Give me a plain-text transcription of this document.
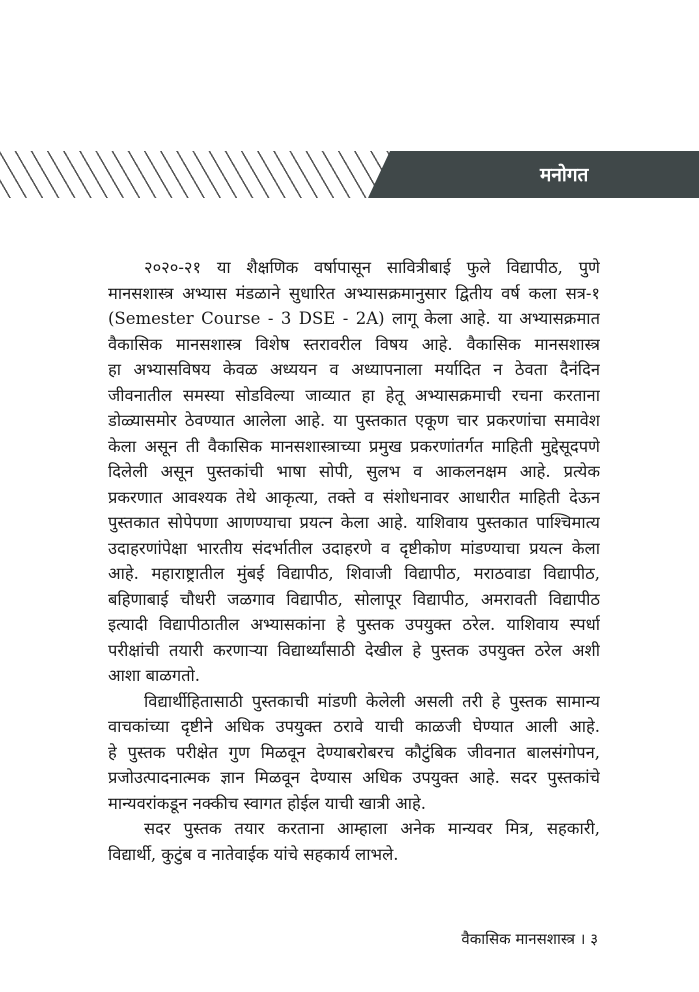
मनोगत
२०२०-२१ या शैक्षणिक वर्षापासून सावित्रीबाई फुले विद्यापीठ, पुणे
मानसशास्त्र अभ्यास मंडळाने सुधारित अभ्यासक्रमानुसार द्वितीय वर्ष कला सत्र-१
(Semester Course - 3 DSE - 2A) लागू केला आहे. या अभ्यासक्रमात
वैकासिक मानसशास्त्र विशेष स्तरावरील विषय आहे. वैकासिक मानसशास्त्र
हा अभ्यासविषय केवळ अध्ययन व अध्यापनाला मर्यादित न ठेवता दैनंदिन
जीवनातील समस्या सोडविल्या जाव्यात हा हेतू अभ्यासक्रमाची रचना करताना
डोळ्यासमोर ठेवण्यात आलेला आहे. या पुस्तकात एकूण चार प्रकरणांचा समावेश
केला असून ती वैकासिक मानसशास्त्राच्या प्रमुख प्रकरणांतर्गत माहिती मुद्देसूदपणे
दिलेली असून पुस्तकांची भाषा सोपी, सुलभ व आकलनक्षम आहे. प्रत्येक
प्रकरणात आवश्यक तेथे आकृत्या, तक्ते व संशोधनावर आधारीत माहिती देऊन
पुस्तकात सोपेपणा आणण्याचा प्रयत्न केला आहे. याशिवाय पुस्तकात पाश्चिमात्य
उदाहरणांपेक्षा भारतीय संदर्भातील उदाहरणे व दृष्टीकोण मांडण्याचा प्रयत्न केला
आहे. महाराष्ट्रातील मुंबई विद्यापीठ, शिवाजी विद्यापीठ, मराठवाडा विद्यापीठ,
बहिणाबाई चौधरी जळगाव विद्यापीठ, सोलापूर विद्यापीठ, अमरावती विद्यापीठ
इत्यादी विद्यापीठातील अभ्यासकांना हे पुस्तक उपयुक्त ठरेल. याशिवाय स्पर्धा
परीक्षांची तयारी करणाऱ्या विद्यार्थ्यांसाठी देखील हे पुस्तक उपयुक्त ठरेल अशी
आशा बाळगतो.
विद्यार्थीहितासाठी पुस्तकाची मांडणी केलेली असली तरी हे पुस्तक सामान्य
वाचकांच्या दृष्टीने अधिक उपयुक्त ठरावे याची काळजी घेण्यात आली आहे.
हे पुस्तक परीक्षेत गुण मिळवून देण्याबरोबरच कौटुंबिक जीवनात बालसंगोपन,
प्रजोउत्पादनात्मक ज्ञान मिळवून देण्यास अधिक उपयुक्त आहे. सदर पुस्तकांचे
मान्यवरांकडून नक्कीच स्वागत होईल याची खात्री आहे.
सदर पुस्तक तयार करताना आम्हाला अनेक मान्यवर मित्र, सहकारी,
विद्यार्थी, कुटुंब व नातेवाईक यांचे सहकार्य लाभले.
वैकासिक मानसशास्त्र । ३
